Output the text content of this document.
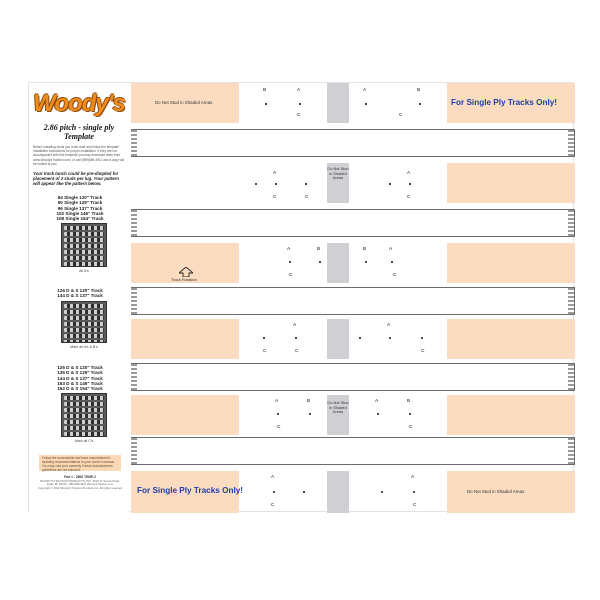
Woody's
2.86 pitch - single ply Template
Before installing studs you must read and follow the template installation instructions for proper installation. If they are not accompanied with this template you may download them from www.WoodysTraction.com, or call (989)689-4911 and a copy will be mailed to you.
Your track lunch could be pre-dimpled for placement of 2 studs per lug. Your pattern will appear like the pattern below.
84 Single 120" Track
90 Single 129" Track
96 Single 137" Track
102 Single 146" Track
108 Single 154" Track
All A's
126 D & S 120" Track
144 D & S 137" Track
Mark all A's & B's
126 D & S 120" Track
135 D & S 129" Track
144 D & S 137" Track
153 D & S 146" Track
162 D & S 154" Track
Mark all C's
Follow the snowmobile and track manufacturer's studding recommendations in your owner's manual. You may void your warranty if track manufacturers guidelines are not followed.
Part # - 286S TEMP-2
WOODY'S TRACTION PRODUCTS, INC. 8224 N. Scenic Road, Inglis, MI 48235 - 989-689-4911 WoodysTraction.com
Copyright © 2012 Woody's Traction Products Inc. All rights reserved
Do Not Stud in Shaded Areas	For Single Ply Tracks Only!
B	A	A	B
C	C
Do Not Stud in Shaded Areas
A	A
C	C	C
A	B	B	A
C	C
A	A
C	C	C
Do Not Stud in Shaded Areas
A	B	A	B
C	C
For Single Ply Tracks Only!	Do Not Stud in Shaded Areas
A	A
C	C
Track Rotation
